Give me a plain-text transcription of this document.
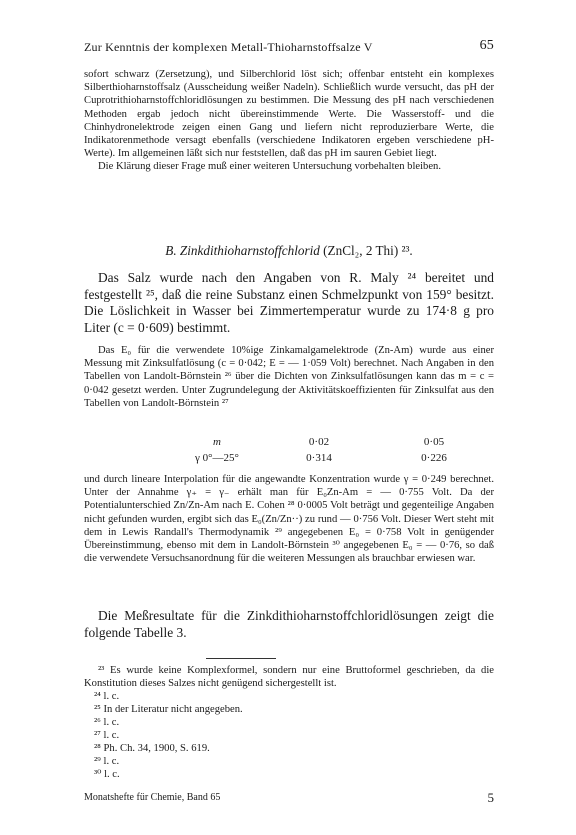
Zur Kenntnis der komplexen Metall-Thioharnstoffsalze V	65

sofort schwarz (Zersetzung), und Silberchlorid löst sich; offenbar entsteht ein komplexes Silberthioharnstoffsalz (Ausscheidung weißer Nadeln). Schließlich wurde versucht, das pH der Cuprotrithioharnstoffchloridlösungen zu bestimmen. Die Messung des pH nach verschiedenen Methoden ergab jedoch nicht übereinstimmende Werte. Die Wasserstoff- und die Chinhydronelektrode zeigen einen Gang und liefern nicht reproduzierbare Werte, die Indikatorenmethode versagt ebenfalls (verschiedene Indikatoren ergeben verschiedene pH-Werte). Im allgemeinen läßt sich nur feststellen, daß das pH im sauren Gebiet liegt.

Die Klärung dieser Frage muß einer weiteren Untersuchung vorbehalten bleiben.

B. Zinkdithioharnstoffchlorid (ZnCl₂, 2 Thi) ²³.

Das Salz wurde nach den Angaben von R. Maly ²⁴ bereitet und festgestellt ²⁵, daß die reine Substanz einen Schmelzpunkt von 159° besitzt. Die Löslichkeit in Wasser bei Zimmertemperatur wurde zu 174·8 g pro Liter (c = 0·609) bestimmt.

Das E₀ für die verwendete 10%ige Zinkamalgamelektrode (Zn-Am) wurde aus einer Messung mit Zinksulfatlösung (c = 0·042; E = — 1·059 Volt) berechnet. Nach Angaben in den Tabellen von Landolt-Börnstein ²⁶ über die Dichten von Zinksulfatlösungen kann das m = c = 0·042 gesetzt werden. Unter Zugrundelegung der Aktivitätskoeffizienten für Zinksulfat aus den Tabellen von Landolt-Börnstein ²⁷

m	0·02	0·05
γ 0°—25°	0·314	0·226

und durch lineare Interpolation für die angewandte Konzentration wurde γ = 0·249 berechnet. Unter der Annahme γ₊ = γ₋ erhält man für E₀Zn-Am = — 0·755 Volt. Da der Potentialunterschied Zn/Zn-Am nach E. Cohen ²⁸ 0·0005 Volt beträgt und gegenteilige Angaben nicht gefunden wurden, ergibt sich das E₀(Zn/Zn··) zu rund — 0·756 Volt. Dieser Wert steht mit dem in Lewis Randall's Thermodynamik ²⁹ angegebenen E₀ = 0·758 Volt in genügender Übereinstimmung, ebenso mit dem in Landolt-Börnstein ³⁰ angegebenen E₀ = — 0·76, so daß die verwendete Versuchsanordnung für die weiteren Messungen als brauchbar erwiesen war.

Die Meßresultate für die Zinkdithioharnstoffchloridlösungen zeigt die folgende Tabelle 3.

²³ Es wurde keine Komplexformel, sondern nur eine Bruttoformel geschrieben, da die Konstitution dieses Salzes nicht genügend sichergestellt ist.

²⁴ l. c.

²⁵ In der Literatur nicht angegeben.

²⁶ l. c.

²⁷ l. c.

²⁸ Ph. Ch. 34, 1900, S. 619.

²⁹ l. c.

³⁰ l. c.

Monatshefte für Chemie, Band 65	5
